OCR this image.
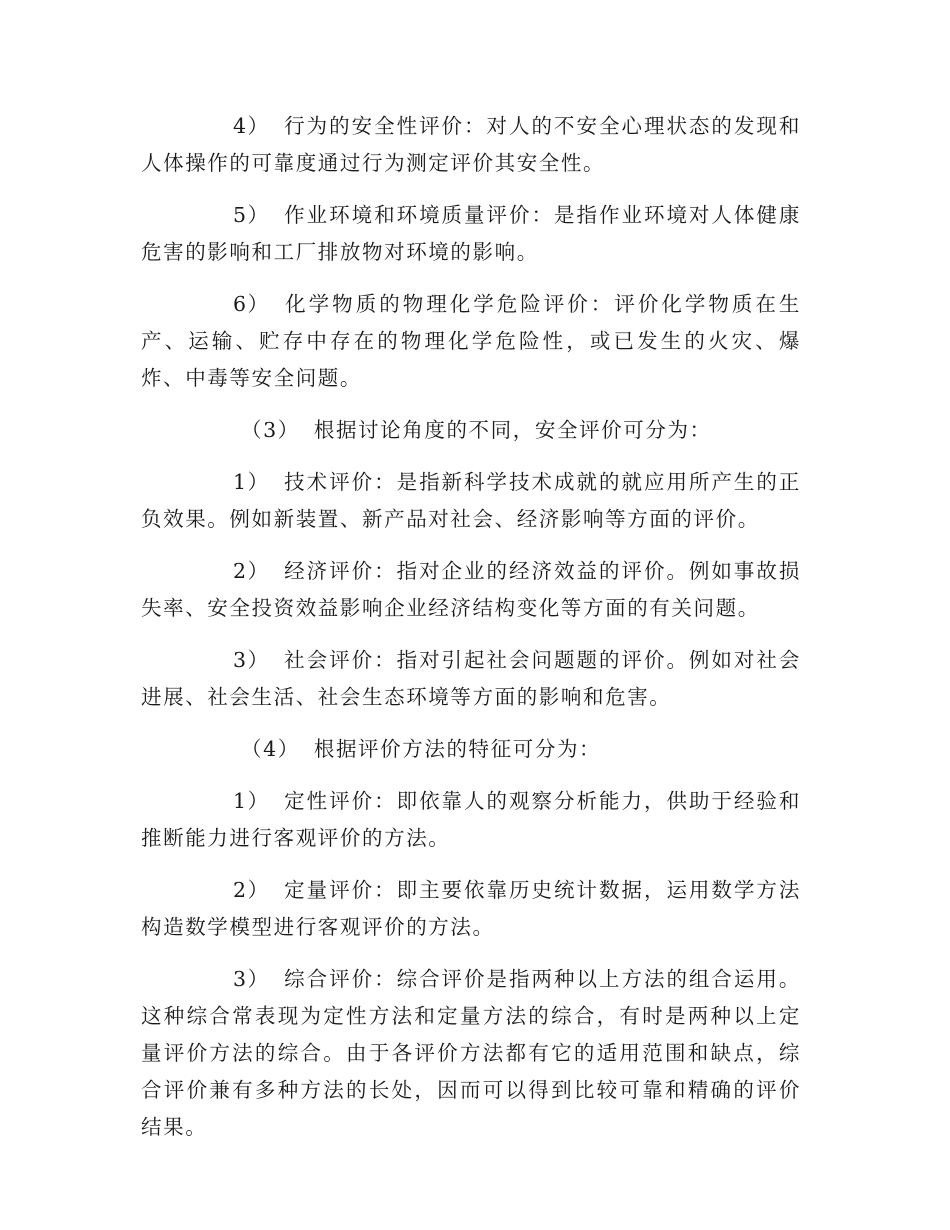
4） 行为的安全性评价：对人的不安全心理状态的发现和人体操作的可靠度通过行为测定评价其安全性。

5） 作业环境和环境质量评价：是指作业环境对人体健康危害的影响和工厂排放物对环境的影响。

6） 化学物质的物理化学危险评价：评价化学物质在生产、运输、贮存中存在的物理化学危险性，或已发生的火灾、爆炸、中毒等安全问题。

（3） 根据讨论角度的不同，安全评价可分为：

1） 技术评价：是指新科学技术成就的就应用所产生的正负效果。例如新装置、新产品对社会、经济影响等方面的评价。

2） 经济评价：指对企业的经济效益的评价。例如事故损失率、安全投资效益影响企业经济结构变化等方面的有关问题。

3） 社会评价：指对引起社会问题题的评价。例如对社会进展、社会生活、社会生态环境等方面的影响和危害。

（4） 根据评价方法的特征可分为：

1） 定性评价：即依靠人的观察分析能力，供助于经验和推断能力进行客观评价的方法。

2） 定量评价：即主要依靠历史统计数据，运用数学方法构造数学模型进行客观评价的方法。

3） 综合评价：综合评价是指两种以上方法的组合运用。这种综合常表现为定性方法和定量方法的综合，有时是两种以上定量评价方法的综合。由于各评价方法都有它的适用范围和缺点，综合评价兼有多种方法的长处，因而可以得到比较可靠和精确的评价结果。
